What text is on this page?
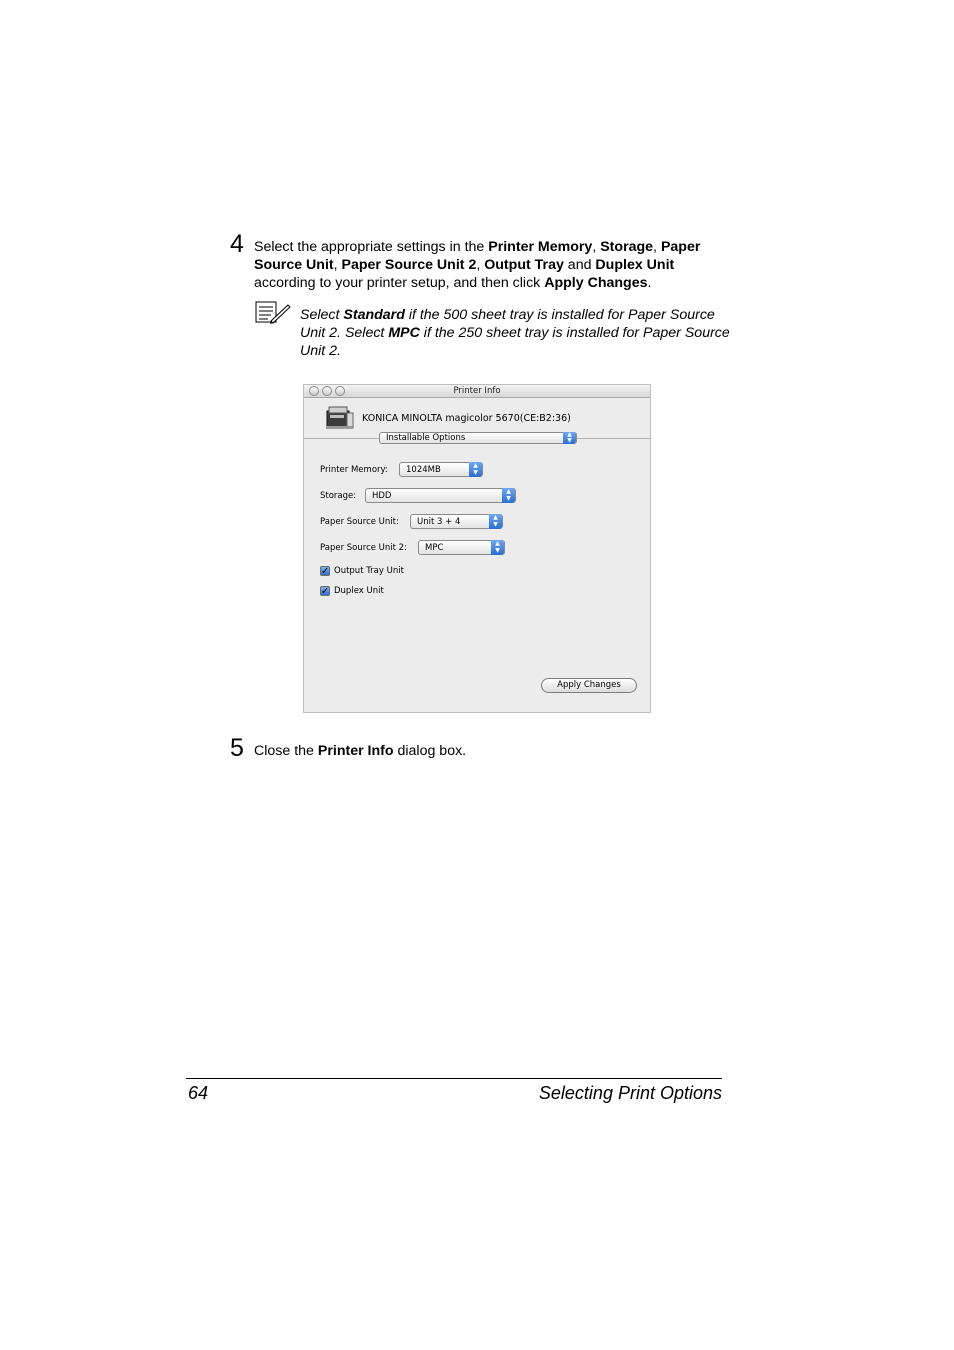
4 Select the appropriate settings in the Printer Memory, Storage, Paper Source Unit, Paper Source Unit 2, Output Tray and Duplex Unit according to your printer setup, and then click Apply Changes.
Select Standard if the 500 sheet tray is installed for Paper Source Unit 2. Select MPC if the 250 sheet tray is installed for Paper Source Unit 2.
Printer Info
KONICA MINOLTA magicolor 5670(CE:B2:36)
Installable Options	▲
▼
Printer Memory: 1024MB	▲
▼
Storage: HDD	▲
▼
Paper Source Unit: Unit 3 + 4	▲
▼
Paper Source Unit 2: MPC	▲
▼
✓ Output Tray Unit
✓ Duplex Unit
Apply Changes
5 Close the Printer Info dialog box.
64	Selecting Print Options
